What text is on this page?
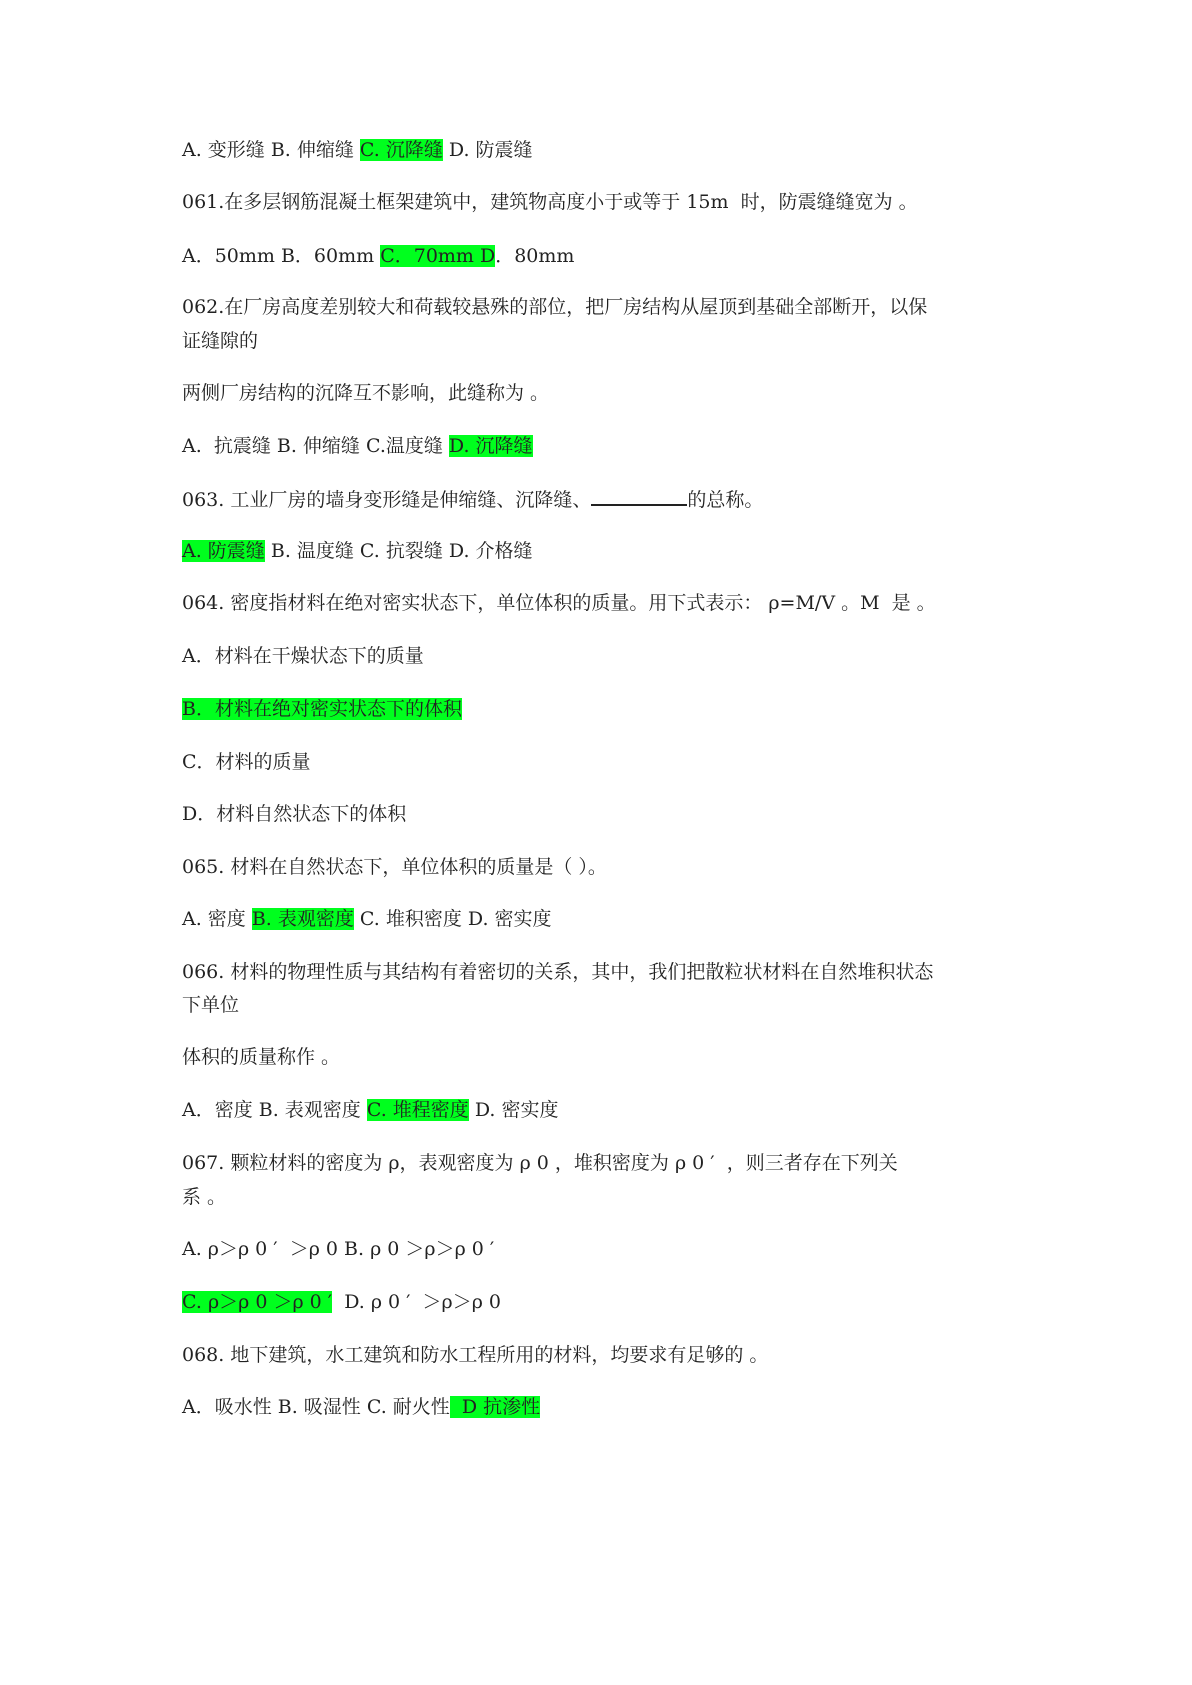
A. 变形缝 B. 伸缩缝 C. 沉降缝 D. 防震缝
061.在多层钢筋混凝土框架建筑中，建筑物高度小于或等于 15m  时，防震缝缝宽为 。
A．50mm B．60mm C．70mm D．80mm
062.在厂房高度差别较大和荷载较悬殊的部位，把厂房结构从屋顶到基础全部断开，以保
证缝隙的
两侧厂房结构的沉降互不影响，此缝称为 。
A.  抗震缝 B. 伸缩缝 C.温度缝 D. 沉降缝
063. 工业厂房的墙身变形缝是伸缩缝、沉降缝、	的总称。
A. 防震缝 B. 温度缝 C. 抗裂缝 D. 介格缝
064. 密度指材料在绝对密实状态下，单位体积的质量。用下式表示： ρ=M/V 。M  是 。
A．材料在干燥状态下的质量
B．材料在绝对密实状态下的体积
C．材料的质量
D．材料自然状态下的体积
065. 材料在自然状态下，单位体积的质量是（ ）。
A. 密度 B. 表观密度 C. 堆积密度 D. 密实度
066. 材料的物理性质与其结构有着密切的关系，其中，我们把散粒状材料在自然堆积状态
下单位
体积的质量称作 。
A．密度 B. 表观密度 C. 堆程密度 D. 密实度
067. 颗粒材料的密度为 ρ，表观密度为 ρ 0 ，堆积密度为 ρ 0 ′  ，则三者存在下列关
系 。
A. ρ＞ρ 0 ′  ＞ρ 0 B. ρ 0 ＞ρ＞ρ 0 ′
C. ρ＞ρ 0 ＞ρ 0 ′  D. ρ 0 ′  ＞ρ＞ρ 0
068. 地下建筑，水工建筑和防水工程所用的材料，均要求有足够的 。
A．吸水性 B. 吸湿性 C. 耐火性  D 抗渗性
